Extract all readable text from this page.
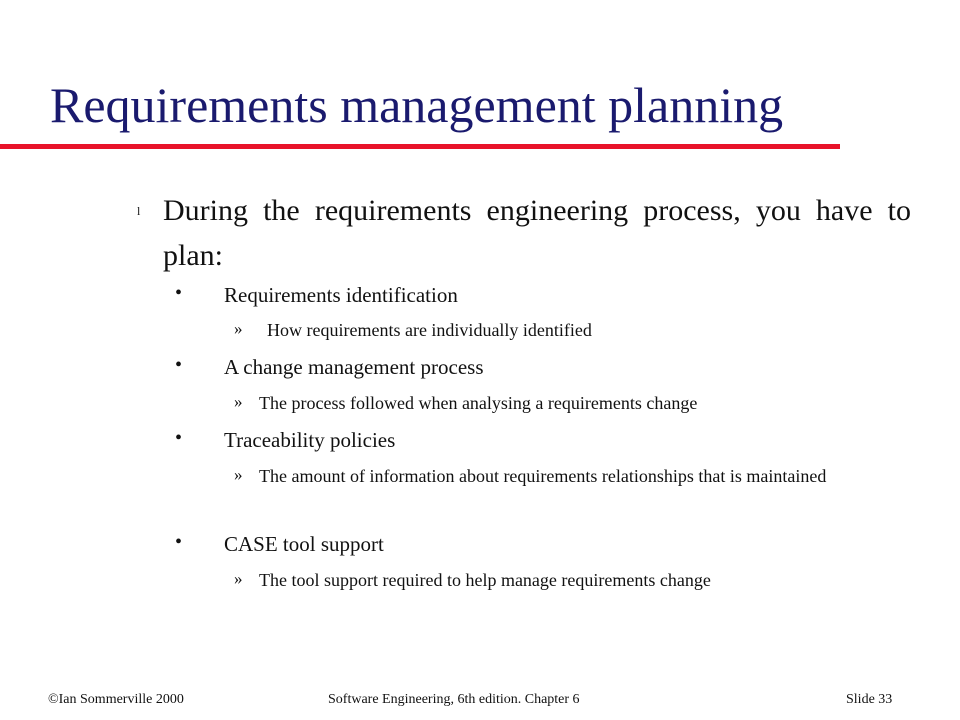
Requirements management planning
l During the requirements engineering process, you have to plan:
• Requirements identification
» How requirements are individually identified
• A change management process
» The process followed when analysing a requirements change
• Traceability policies
» The amount of information about requirements relationships that is maintained
• CASE tool support
» The tool support required to help manage requirements change
©Ian Sommerville 2000	Software Engineering, 6th edition. Chapter 6	Slide 33
